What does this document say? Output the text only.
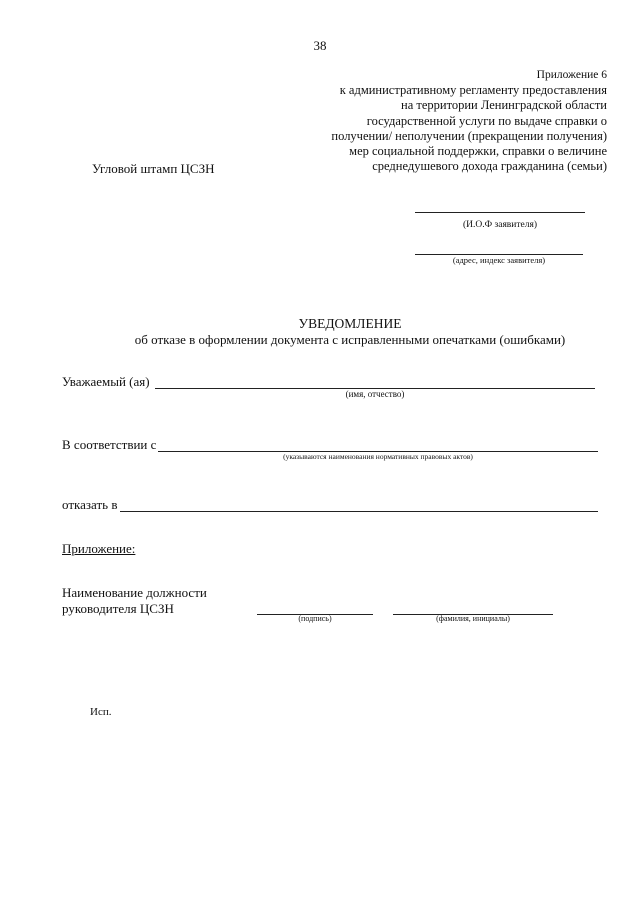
38
Приложение 6
к административному регламенту предоставления
на территории Ленинградской области
государственной услуги по выдаче справки о
получении/ неполучении (прекращении получения)
мер социальной поддержки, справки о величине
среднедушевого дохода гражданина (семьи)
Угловой штамп ЦСЗН
(И.О.Ф заявителя)
(адрес, индекс заявителя)
УВЕДОМЛЕНИЕ
об отказе в оформлении документа с исправленными опечатками (ошибками)
Уважаемый (ая)
(имя, отчество)
В соответствии с
(указываются наименования нормативных правовых актов)
отказать в
Приложение:
Наименование должности
руководителя ЦСЗН
(подпись)	(фамилия, инициалы)
Исп.
